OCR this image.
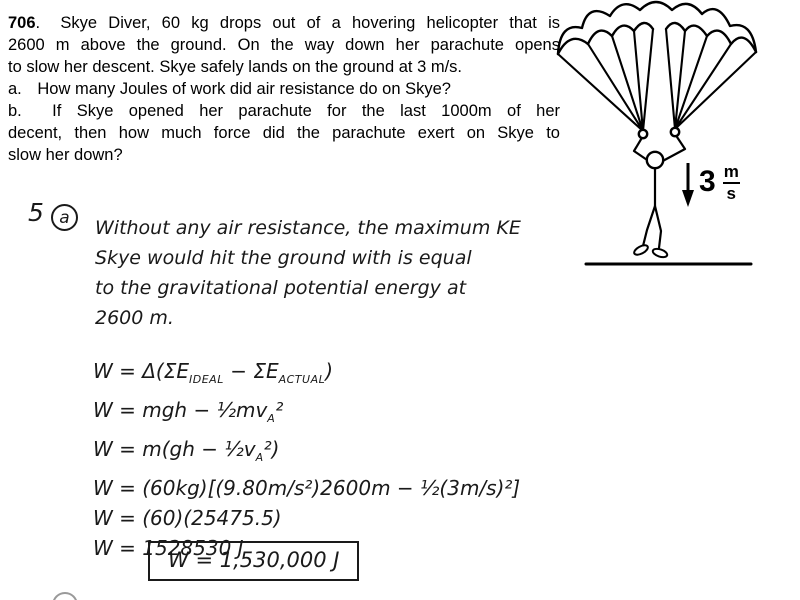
706. Skye Diver, 60 kg drops out of a hovering helicopter that is
2600 m above the ground. On the way down her parachute opens
to slow her descent. Skye safely lands on the ground at 3 m/s.
a. How many Joules of work did air resistance do on Skye?
b. If Skye opened her parachute for the last 1000m of her
decent, then how much force did the parachute exert on Skye to
slow her down?
$3 \frac{m}{s}$
5 a	Without any air resistance, the maximum KE
Skye would hit the ground with is equal
to the gravitational potential energy at
2600 m.
$W = \Delta(\Sigma E_{IDEAL} - \Sigma E_{ACTUAL})$
W = mgh − $\frac{1}{2}mv_A^2$
$W = m(gh - \frac{1}{2}v_A^2)$
W = (60kg)[(9.80m/s²)2600m − ½(3m/s)²]
W = (60)(25475.5)
W = 1528530 J
W = 1,530,000 J
